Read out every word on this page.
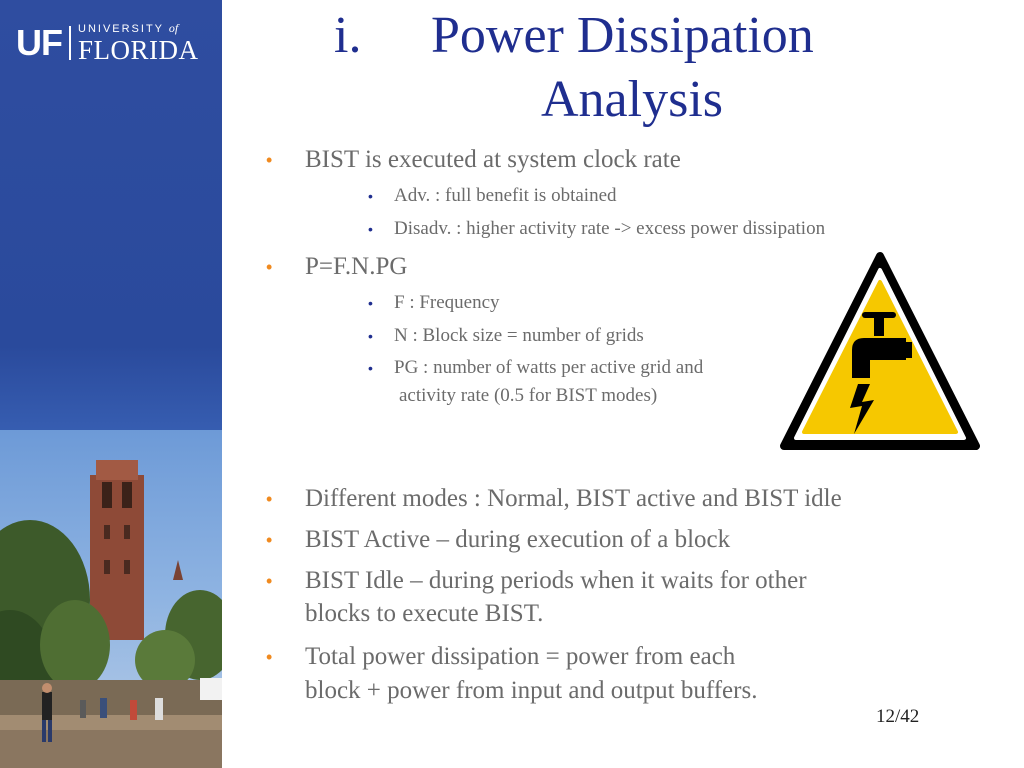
UF UNIVERSITY of
FLORIDA	i. Power Dissipation
Analysis
• BIST is executed at system clock rate
• Adv. : full benefit is obtained
• Disadv. : higher activity rate -> excess power dissipation
• P=F.N.PG
• F : Frequency
• N : Block size = number of grids
• PG : number of watts per active grid and
activity rate (0.5 for BIST modes)
• Different modes : Normal, BIST active and BIST idle
• BIST Active – during execution of a block
• BIST Idle – during periods when it waits for other
blocks to execute BIST.
• Total power dissipation = power from each
block + power from input and output buffers.
12/42
